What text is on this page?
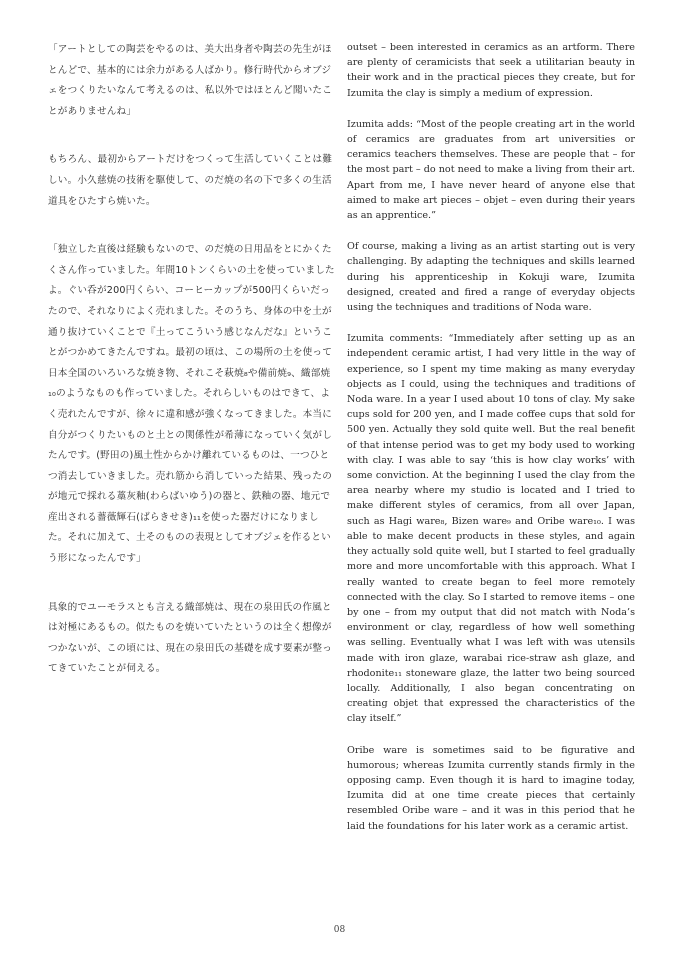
「アートとしての陶芸をやるのは、美大出身者や陶芸の先生がほとんどで、基本的には余力がある人ばかり。修行時代からオブジェをつくりたいなんて考えるのは、私以外ではほとんど聞いたことがありませんね」

もちろん、最初からアートだけをつくって生活していくことは難しい。小久慈焼の技術を駆使して、のだ焼の名の下で多くの生活道具をひたすら焼いた。

「独立した直後は経験もないので、のだ焼の日用品をとにかくたくさん作っていました。年間10トンくらいの土を使っていましたよ。ぐい呑が200円くらい、コーヒーカップが500円くらいだったので、それなりによく売れました。そのうち、身体の中を土が通り抜けていくことで『土ってこういう感じなんだな』ということがつかめてきたんですね。最初の頃は、この場所の土を使って日本全国のいろいろな焼き物、それこそ萩焼₈や備前焼₉、織部焼₁₀のようなものも作っていました。それらしいものはできて、よく売れたんですが、徐々に違和感が強くなってきました。本当に自分がつくりたいものと土との関係性が希薄になっていく気がしたんです。(野田の)風土性からかけ離れているものは、一つひとつ消去していきました。売れ筋から消していった結果、残ったのが地元で採れる藁灰釉(わらばいゆう)の器と、鉄釉の器、地元で産出される薔薇輝石(ばらきせき)₁₁を使った器だけになりました。それに加えて、土そのものの表現としてオブジェを作るという形になったんです」

具象的でユーモラスとも言える織部焼は、現在の泉田氏の作風とは対極にあるもの。似たものを焼いていたというのは全く想像がつかないが、この頃には、現在の泉田氏の基礎を成す要素が整ってきていたことが伺える。

outset – been interested in ceramics as an artform. There are plenty of ceramicists that seek a utilitarian beauty in their work and in the practical pieces they create, but for Izumita the clay is simply a medium of expression.

Izumita adds: “Most of the people creating art in the world of ceramics are graduates from art universities or ceramics teachers themselves. These are people that – for the most part – do not need to make a living from their art. Apart from me, I have never heard of anyone else that aimed to make art pieces – objet – even during their years as an apprentice.”

Of course, making a living as an artist starting out is very challenging. By adapting the techniques and skills learned during his apprenticeship in Kokuji ware, Izumita designed, created and fired a range of everyday objects using the techniques and traditions of Noda ware.

Izumita comments: “Immediately after setting up as an independent ceramic artist, I had very little in the way of experience, so I spent my time making as many everyday objects as I could, using the techniques and traditions of Noda ware. In a year I used about 10 tons of clay. My sake cups sold for 200 yen, and I made coffee cups that sold for 500 yen. Actually they sold quite well. But the real benefit of that intense period was to get my body used to working with clay. I was able to say ‘this is how clay works’ with some conviction. At the beginning I used the clay from the area nearby where my studio is located and I tried to make different styles of ceramics, from all over Japan, such as Hagi ware₈, Bizen ware₉ and Oribe ware₁₀. I was able to make decent products in these styles, and again they actually sold quite well, but I started to feel gradually more and more uncomfortable with this approach. What I really wanted to create began to feel more remotely connected with the clay. So I started to remove items – one by one – from my output that did not match with Noda’s environment or clay, regardless of how well something was selling. Eventually what I was left with was utensils made with iron glaze, warabai rice-straw ash glaze, and rhodonite₁₁ stoneware glaze, the latter two being sourced locally. Additionally, I also began concentrating on creating objet that expressed the characteristics of the clay itself.”

Oribe ware is sometimes said to be figurative and humorous; whereas Izumita currently stands firmly in the opposing camp. Even though it is hard to imagine today, Izumita did at one time create pieces that certainly resembled Oribe ware – and it was in this period that he laid the foundations for his later work as a ceramic artist.

08
